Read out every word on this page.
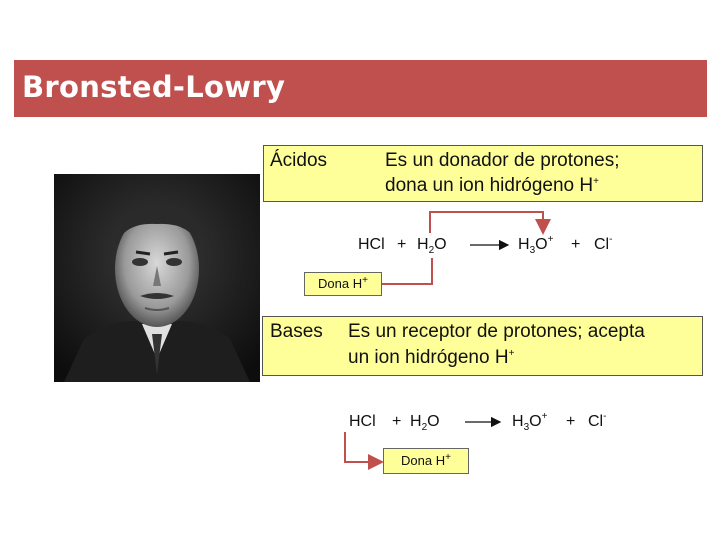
Bronsted-Lowry
Ácidos	Es un donador de protones;
dona un ion hidrógeno H+
HCl + $H_2O$	$H_3O^+ + Cl^-$
Dona H+
Bases Es un receptor de protones; acepta
un ion hidrógeno H+
HCl + $H_2O$	$H_3O^+ + Cl^-$
Dona H+
